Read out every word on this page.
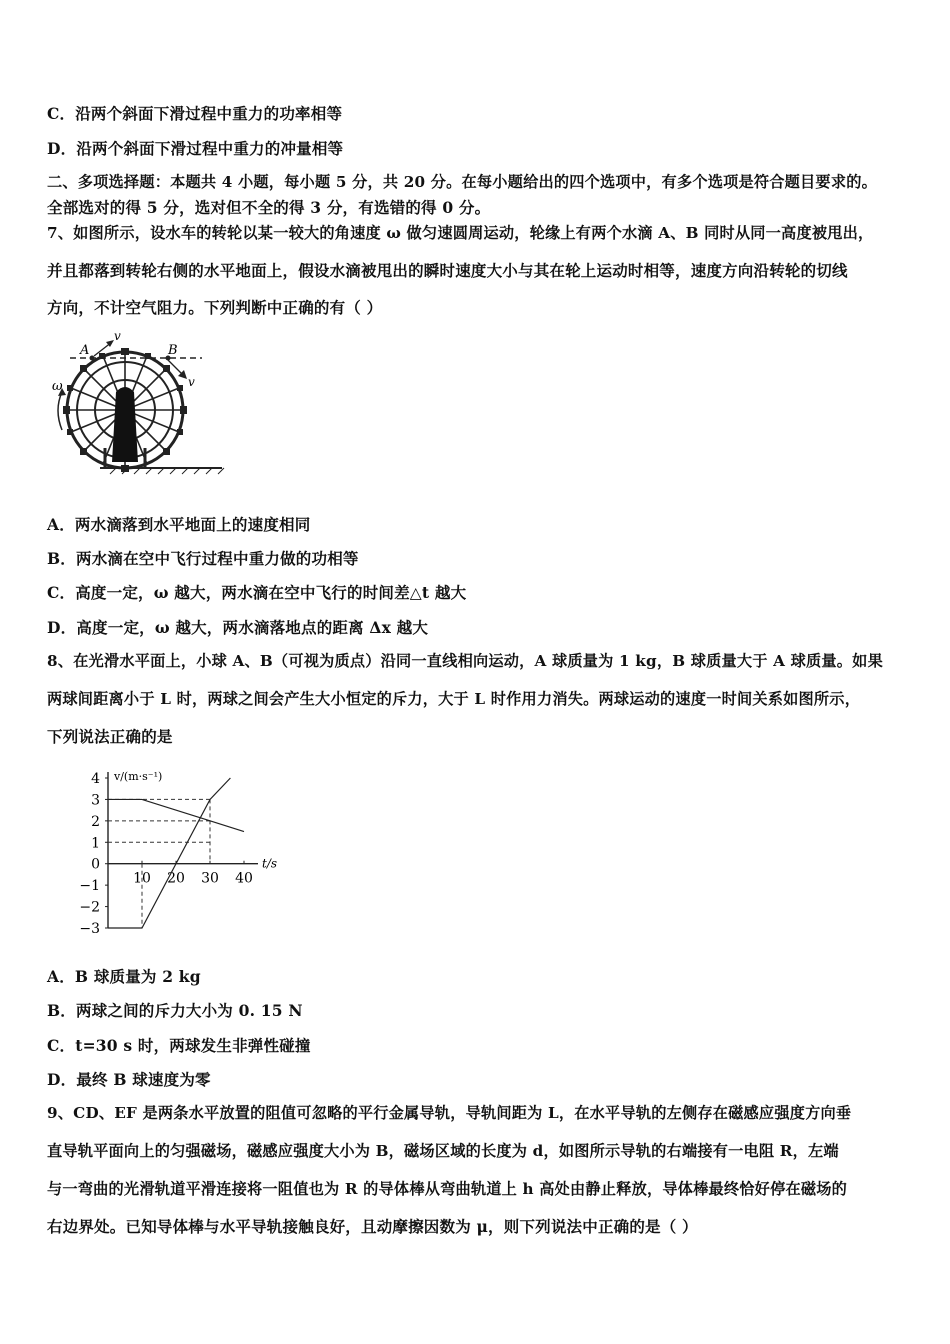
C．沿两个斜面下滑过程中重力的功率相等
D．沿两个斜面下滑过程中重力的冲量相等
二、多项选择题：本题共 4 小题，每小题 5 分，共 20 分。在每小题给出的四个选项中，有多个选项是符合题目要求的。
全部选对的得 5 分，选对但不全的得 3 分，有选错的得 0 分。
7、如图所示，设水车的转轮以某一较大的角速度 ω 做匀速圆周运动，轮缘上有两个水滴 A、B 同时从同一高度被甩出，
并且都落到转轮右侧的水平地面上，假设水滴被甩出的瞬时速度大小与其在轮上运动时相等，速度方向沿转轮的切线
方向，不计空气阻力。下列判断中正确的有（ ）
A	B
v
v
ω
A．两水滴落到水平地面上的速度相同
B．两水滴在空中飞行过程中重力做的功相等
C．高度一定，ω 越大，两水滴在空中飞行的时间差△t 越大
D．高度一定，ω 越大，两水滴落地点的距离 Δx 越大
8、在光滑水平面上，小球 A、B（可视为质点）沿同一直线相向运动，A 球质量为 1 kg，B 球质量大于 A 球质量。如果
两球间距离小于 L 时，两球之间会产生大小恒定的斥力，大于 L 时作用力消失。两球运动的速度一时间关系如图所示，
下列说法正确的是
v/(m·s⁻¹)
t/s
4
3
2
1
0
−1
−2
−3
10 20 30 40
A．B 球质量为 2 kg
B．两球之间的斥力大小为 0. 15 N
C．t=30 s 时，两球发生非弹性碰撞
D．最终 B 球速度为零
9、CD、EF 是两条水平放置的阻值可忽略的平行金属导轨，导轨间距为 L，在水平导轨的左侧存在磁感应强度方向垂
直导轨平面向上的匀强磁场，磁感应强度大小为 B，磁场区域的长度为 d，如图所示导轨的右端接有一电阻 R，左端
与一弯曲的光滑轨道平滑连接将一阻值也为 R 的导体棒从弯曲轨道上 h 高处由静止释放，导体棒最终恰好停在磁场的
右边界处。已知导体棒与水平导轨接触良好，且动摩擦因数为 μ，则下列说法中正确的是（ ）
